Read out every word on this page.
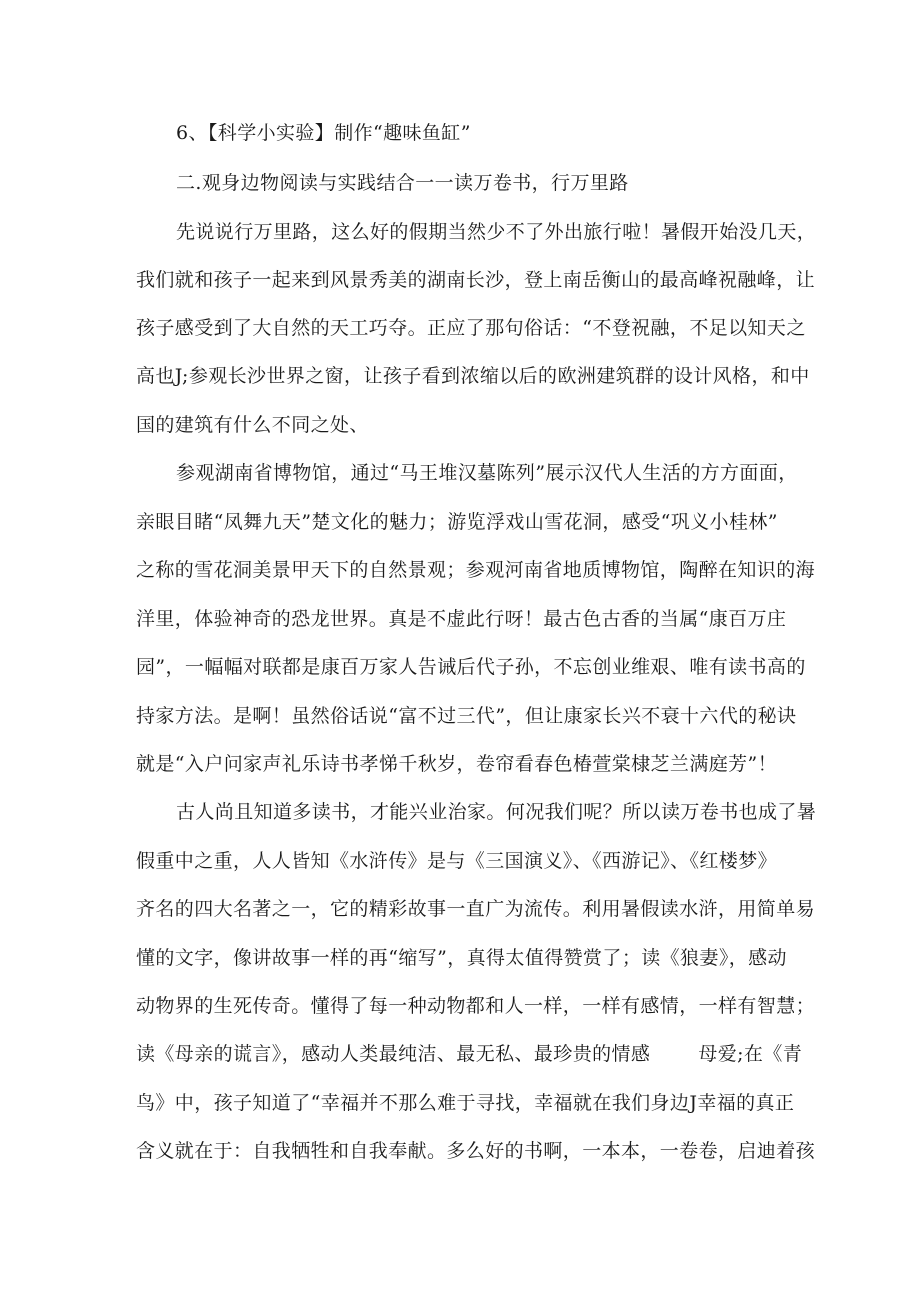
6、【科学小实验】制作“趣味鱼缸”
二.观身边物阅读与实践结合一一读万卷书，行万里路
先说说行万里路，这么好的假期当然少不了外出旅行啦！暑假开始没几天，
我们就和孩子一起来到风景秀美的湖南长沙，登上南岳衡山的最高峰祝融峰，让
孩子感受到了大自然的天工巧夺。正应了那句俗话：“不登祝融，不足以知天之
高也J;参观长沙世界之窗，让孩子看到浓缩以后的欧洲建筑群的设计风格，和中
国的建筑有什么不同之处、
参观湖南省博物馆，通过“马王堆汉墓陈列”展示汉代人生活的方方面面，
亲眼目睹“凤舞九天”楚文化的魅力；游览浮戏山雪花洞，感受“巩义小桂林”
之称的雪花洞美景甲天下的自然景观；参观河南省地质博物馆，陶醉在知识的海
洋里，体验神奇的恐龙世界。真是不虚此行呀！最古色古香的当属“康百万庄
园”，一幅幅对联都是康百万家人告诫后代子孙，不忘创业维艰、唯有读书高的
持家方法。是啊！虽然俗话说“富不过三代”，但让康家长兴不衰十六代的秘诀
就是“入户问家声礼乐诗书孝悌千秋岁，卷帘看春色椿萱棠棣芝兰满庭芳”！
古人尚且知道多读书，才能兴业治家。何况我们呢？所以读万卷书也成了暑
假重中之重，人人皆知《水浒传》是与《三国演义》、《西游记》、《红楼梦》
齐名的四大名著之一，它的精彩故事一直广为流传。利用暑假读水浒，用简单易
懂的文字，像讲故事一样的再“缩写”，真得太值得赞赏了；读《狼妻》，感动
动物界的生死传奇。懂得了每一种动物都和人一样，一样有感情，一样有智慧；
读《母亲的谎言》，感动人类最纯洁、最无私、最珍贵的情感	母爱;在《青
鸟》中，孩子知道了“幸福并不那么难于寻找，幸福就在我们身边J幸福的真正
含义就在于：自我牺牲和自我奉献。多么好的书啊，一本本，一卷卷，启迪着孩
